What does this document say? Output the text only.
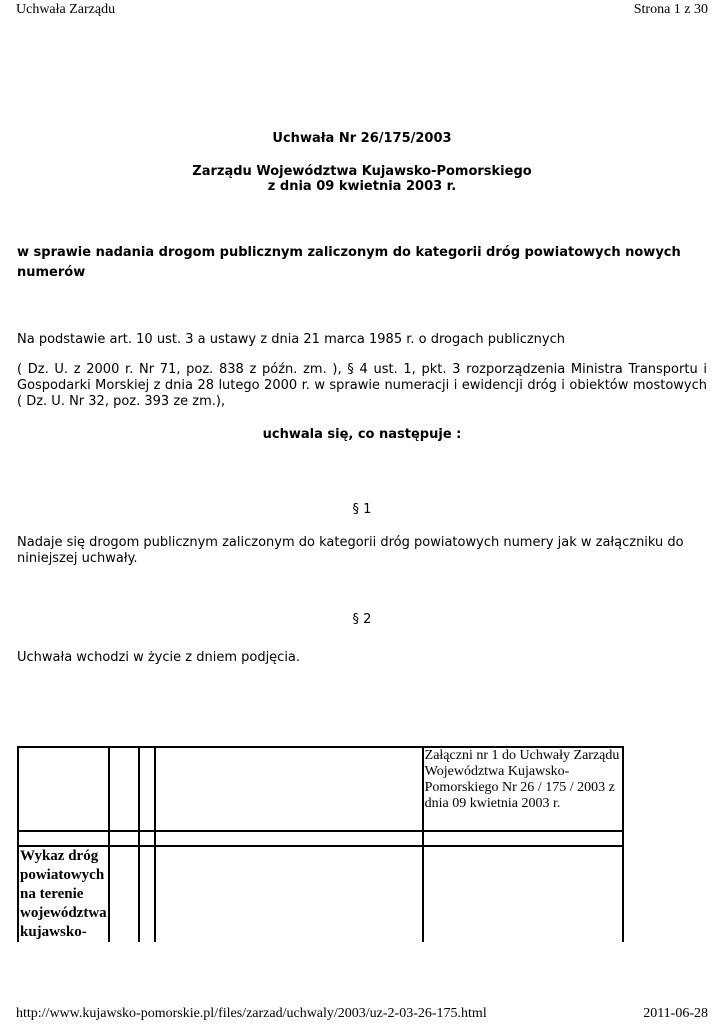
Uchwała Zarządu	Strona 1 z 30
Uchwała Nr 26/175/2003
Zarządu Województwa Kujawsko-Pomorskiego
z dnia 09 kwietnia 2003 r.
w sprawie nadania drogom publicznym zaliczonym do kategorii dróg powiatowych nowych numerów
Na podstawie art. 10 ust. 3 a ustawy z dnia 21 marca 1985 r. o drogach publicznych
( Dz. U. z 2000 r. Nr 71, poz. 838 z późn. zm. ), § 4 ust. 1, pkt. 3 rozporządzenia Ministra Transportu i Gospodarki Morskiej z dnia 28 lutego 2000 r. w sprawie numeracji i ewidencji dróg i obiektów mostowych ( Dz. U. Nr 32, poz. 393 ze zm.),
uchwala się, co następuje :
§ 1
Nadaje się drogom publicznym zaliczonym do kategorii dróg powiatowych numery jak w załączniku do niniejszej uchwały.
§ 2
Uchwała wchodzi w życie z dniem podjęcia.
				Załączni nr 1 do Uchwały Zarządu Województwa Kujawsko-Pomorskiego Nr 26 / 175 / 2003 z dnia 09 kwietnia 2003 r.

Wykaz dróg powiatowych na terenie województwa kujawsko-				
http://www.kujawsko-pomorskie.pl/files/zarzad/uchwaly/2003/uz-2-03-26-175.html	2011-06-28
